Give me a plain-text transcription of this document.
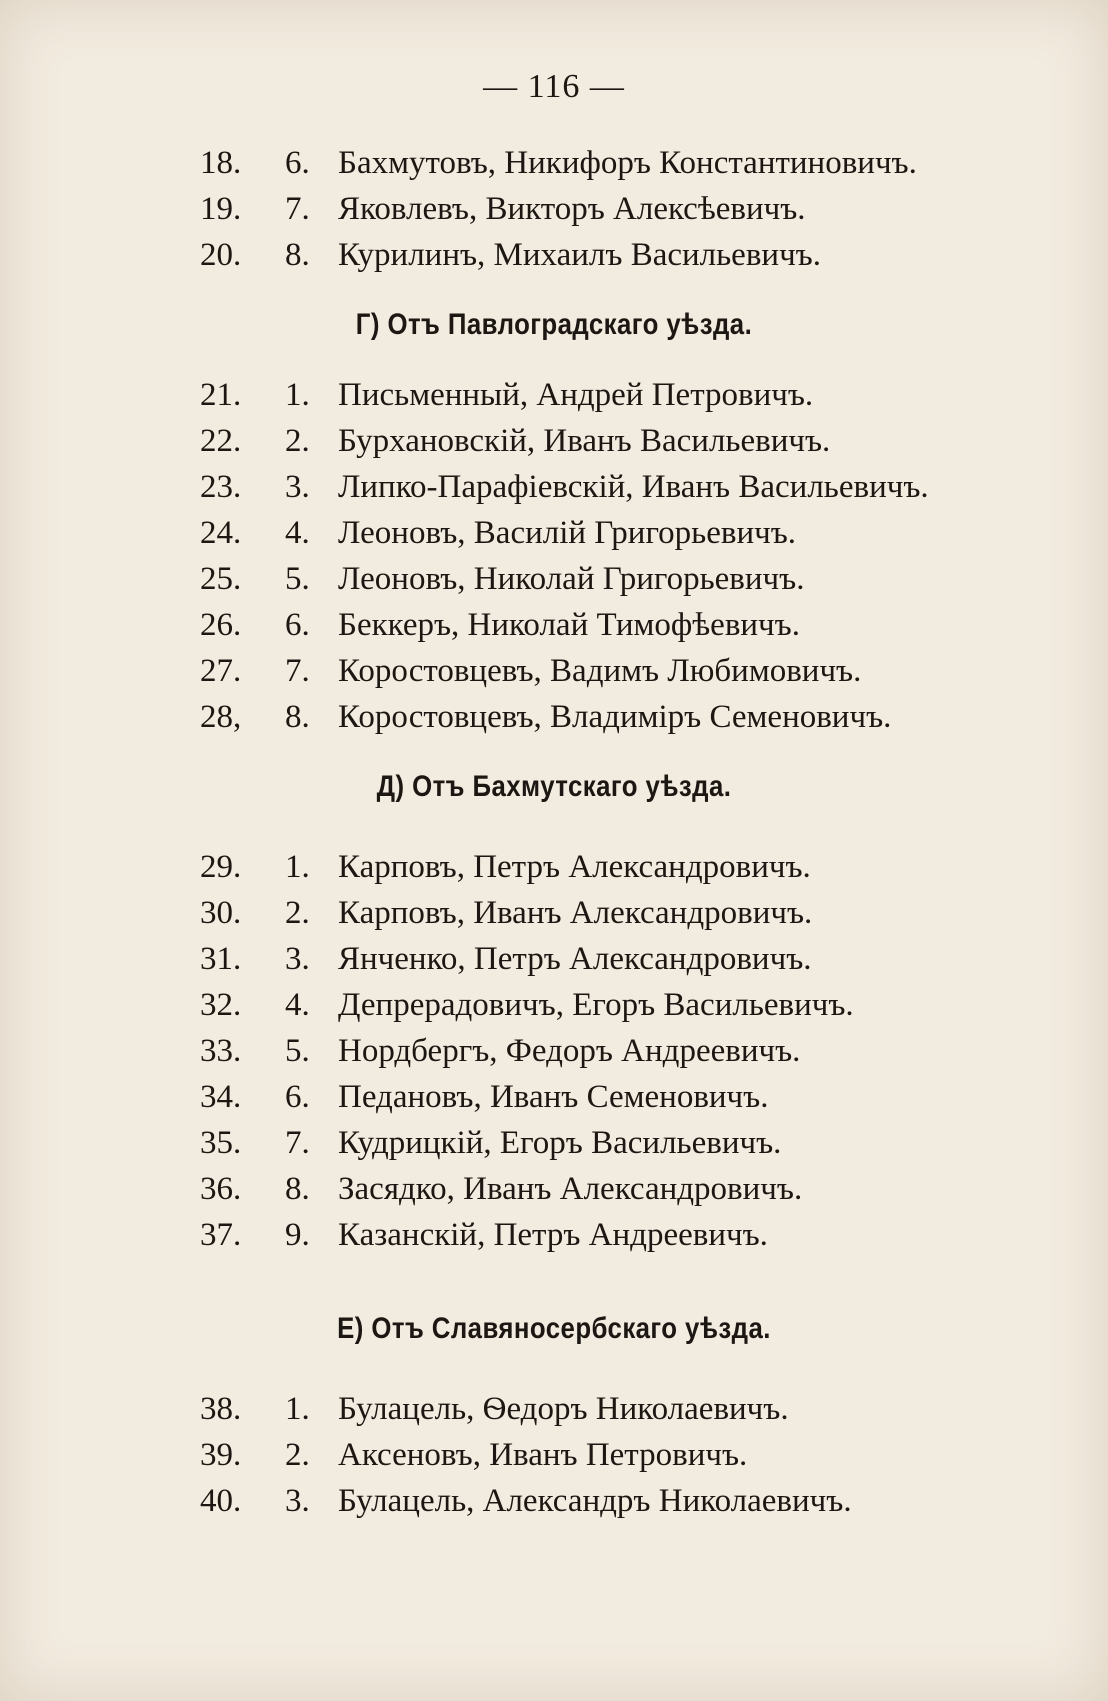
— 116 —
18.	6. Бахмутовъ, Никифоръ Константиновичъ.
19.	7. Яковлевъ, Викторъ Алексѣевичъ.
20.	8. Курилинъ, Михаилъ Васильевичъ.
Г) Отъ Павлоградскаго уѣзда.
21.	1. Письменный, Андрей Петровичъ.
22.	2. Бурхановскій, Иванъ Васильевичъ.
23.	3. Липко-Парафіевскій, Иванъ Васильевичъ.
24.	4. Леоновъ, Василій Григорьевичъ.
25.	5. Леоновъ, Николай Григорьевичъ.
26.	6. Беккеръ, Николай Тимофѣевичъ.
27.	7. Коростовцевъ, Вадимъ Любимовичъ.
28,	8. Коростовцевъ, Владиміръ Семеновичъ.
Д) Отъ Бахмутскаго уѣзда.
29.	1. Карповъ, Петръ Александровичъ.
30.	2. Карповъ, Иванъ Александровичъ.
31.	3. Янченко, Петръ Александровичъ.
32.	4. Депрерадовичъ, Егоръ Васильевичъ.
33.	5. Нордбергъ, Федоръ Андреевичъ.
34.	6. Педановъ, Иванъ Семеновичъ.
35.	7. Кудрицкій, Егоръ Васильевичъ.
36.	8. Засядко, Иванъ Александровичъ.
37.	9. Казанскій, Петръ Андреевичъ.
Е) Отъ Славяносербскаго уѣзда.
38.	1. Булацель, Ѳедоръ Николаевичъ.
39.	2. Аксеновъ, Иванъ Петровичъ.
40.	3. Булацель, Александръ Николаевичъ.
